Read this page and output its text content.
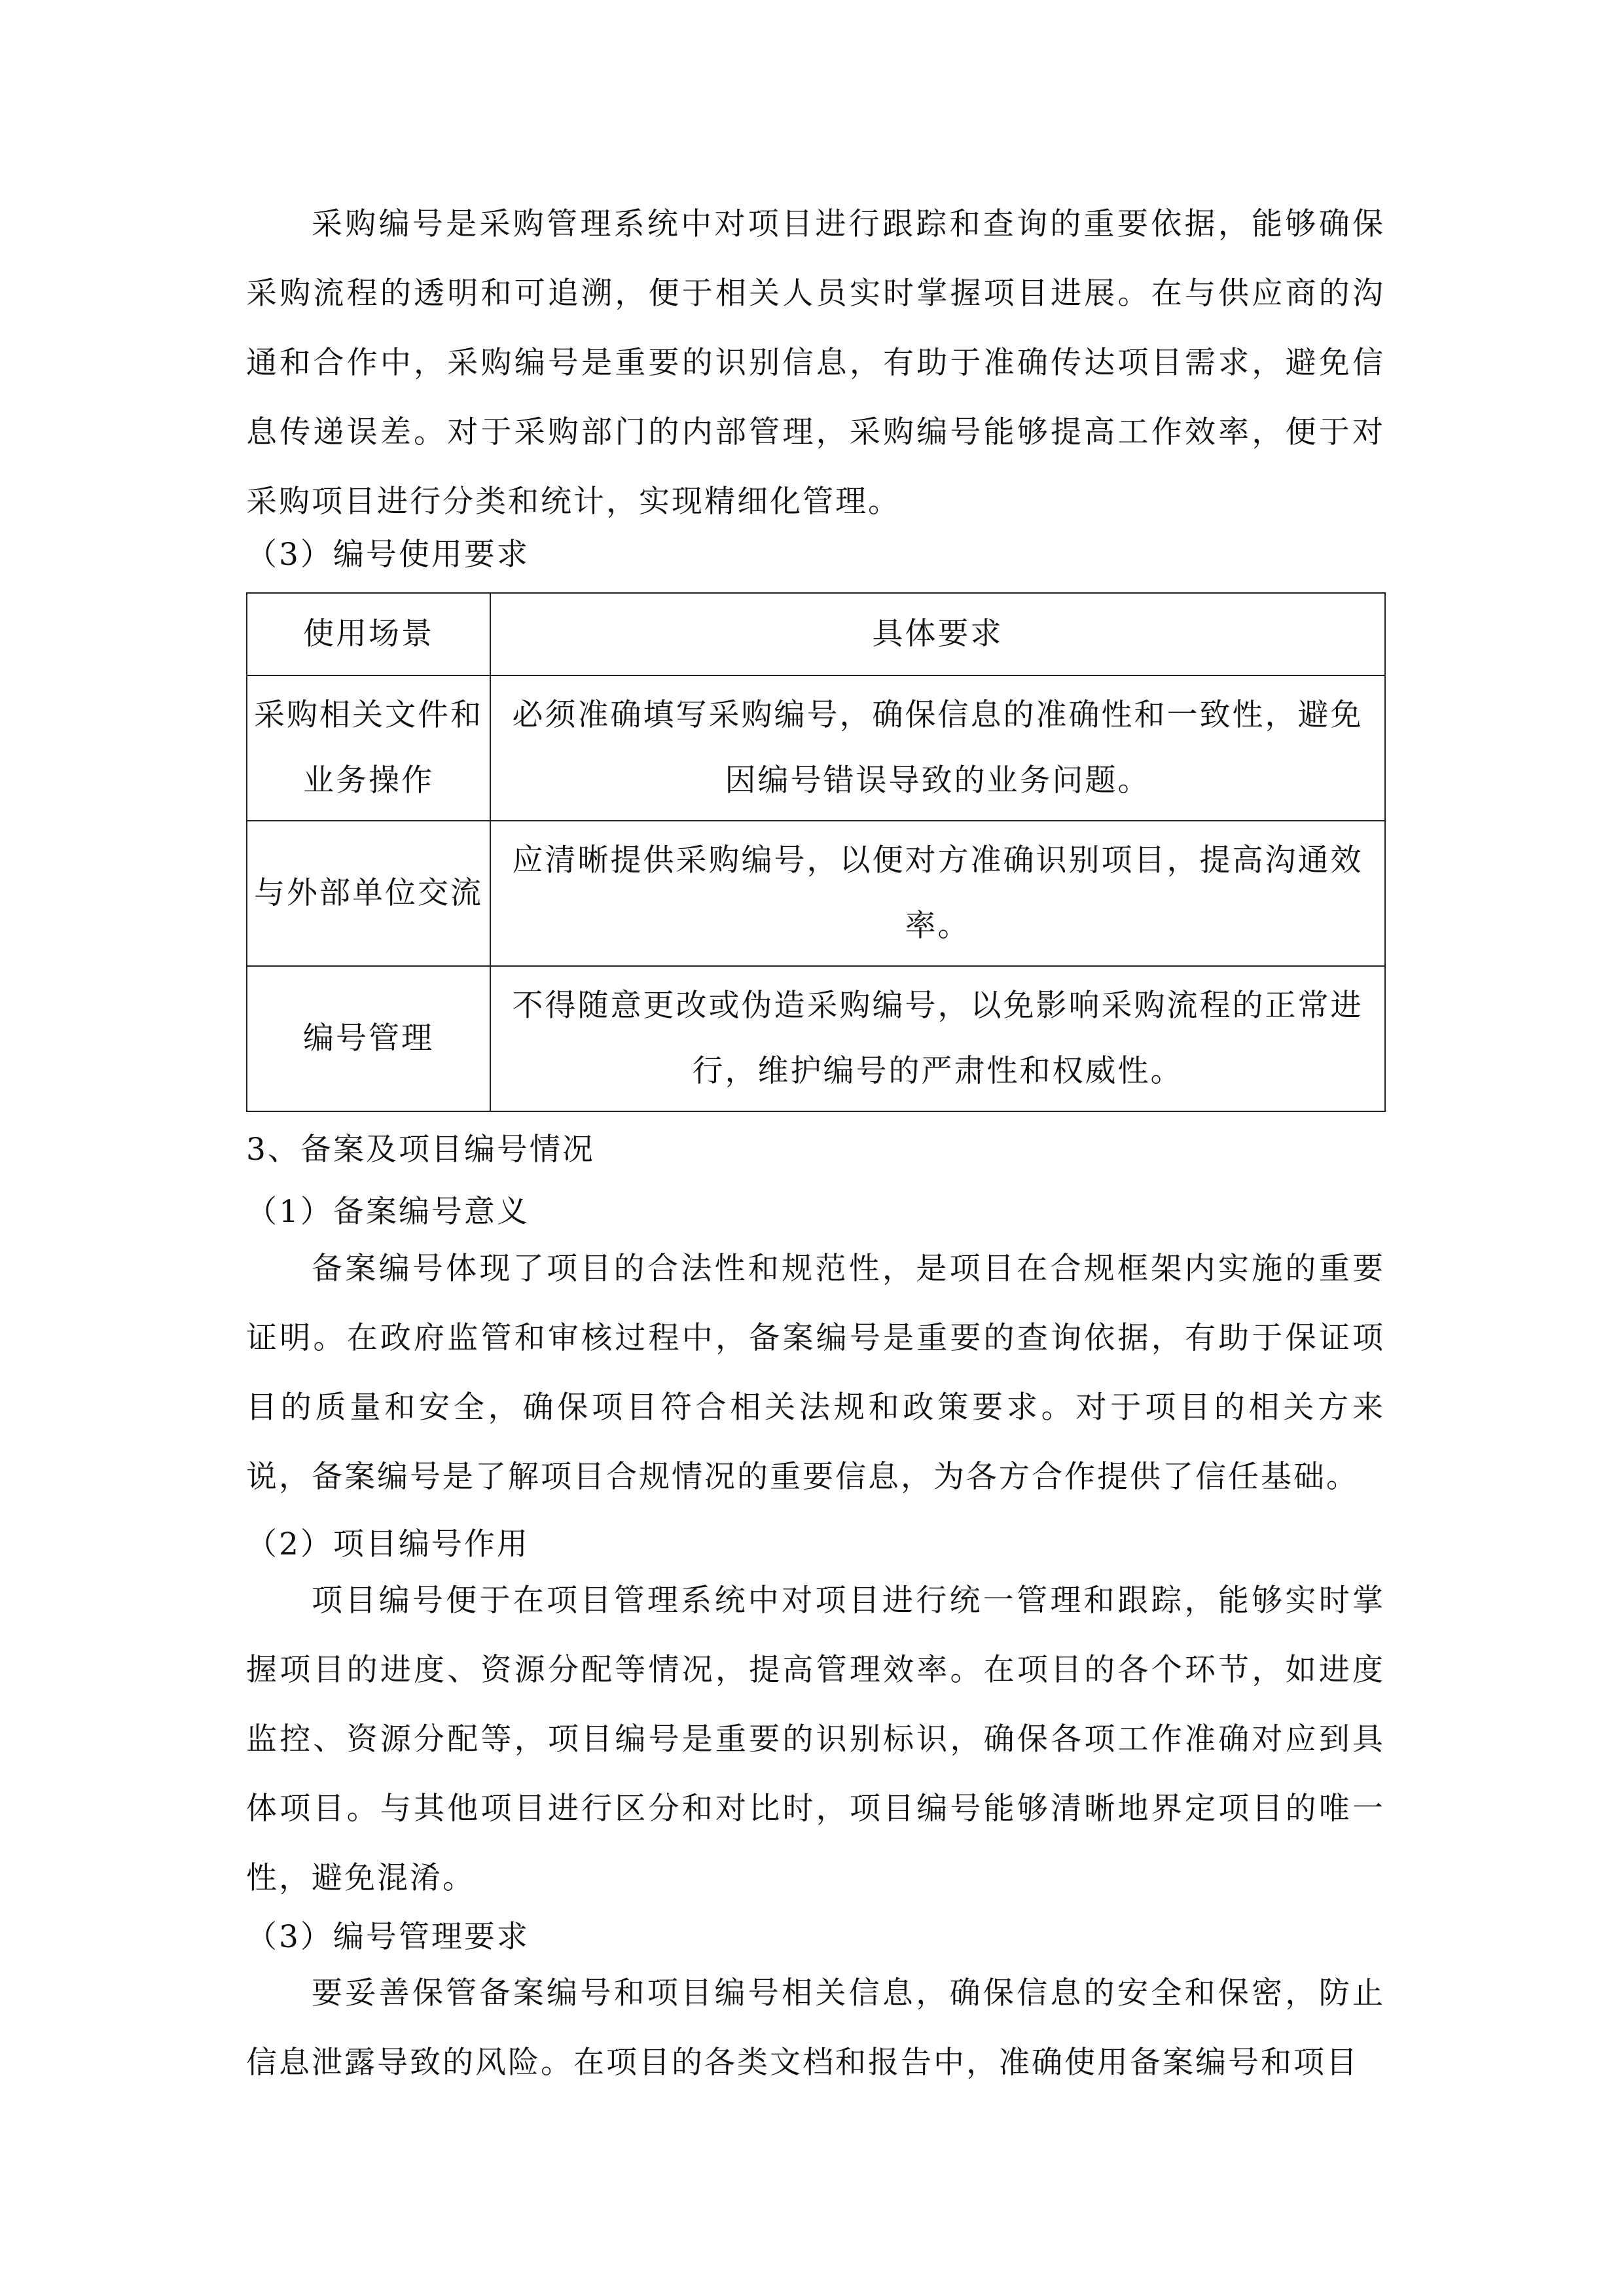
采购编号是采购管理系统中对项目进行跟踪和查询的重要依据，能够确保采购流程的透明和可追溯，便于相关人员实时掌握项目进展。在与供应商的沟通和合作中，采购编号是重要的识别信息，有助于准确传达项目需求，避免信息传递误差。对于采购部门的内部管理，采购编号能够提高工作效率，便于对采购项目进行分类和统计，实现精细化管理。

（3）编号使用要求

使用场景	具体要求
采购相关文件和业务操作	必须准确填写采购编号，确保信息的准确性和一致性，避免因编号错误导致的业务问题。
与外部单位交流	应清晰提供采购编号，以便对方准确识别项目，提高沟通效率。
编号管理	不得随意更改或伪造采购编号，以免影响采购流程的正常进行，维护编号的严肃性和权威性。

3、备案及项目编号情况

（1）备案编号意义

备案编号体现了项目的合法性和规范性，是项目在合规框架内实施的重要证明。在政府监管和审核过程中，备案编号是重要的查询依据，有助于保证项目的质量和安全，确保项目符合相关法规和政策要求。对于项目的相关方来说，备案编号是了解项目合规情况的重要信息，为各方合作提供了信任基础。

（2）项目编号作用

项目编号便于在项目管理系统中对项目进行统一管理和跟踪，能够实时掌握项目的进度、资源分配等情况，提高管理效率。在项目的各个环节，如进度监控、资源分配等，项目编号是重要的识别标识，确保各项工作准确对应到具体项目。与其他项目进行区分和对比时，项目编号能够清晰地界定项目的唯一性，避免混淆。

（3）编号管理要求

要妥善保管备案编号和项目编号相关信息，确保信息的安全和保密，防止信息泄露导致的风险。在项目的各类文档和报告中，准确使用备案编号和项目
